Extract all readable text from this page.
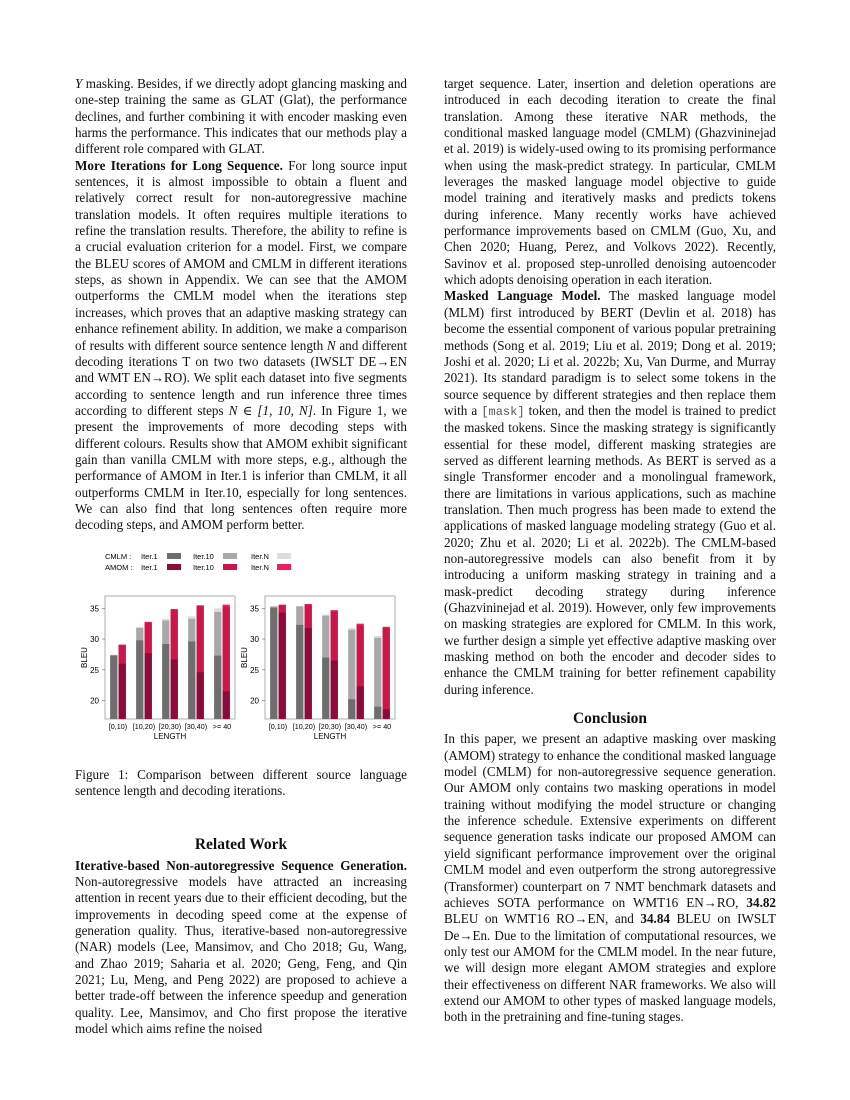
Y masking. Besides, if we directly adopt glancing masking and one-step training the same as GLAT (Glat), the performance declines, and further combining it with encoder masking even harms the performance. This indicates that our methods play a different role compared with GLAT.

More Iterations for Long Sequence. For long source input sentences, it is almost impossible to obtain a fluent and relatively correct result for non-autoregressive machine translation models. It often requires multiple iterations to refine the translation results. Therefore, the ability to refine is a crucial evaluation criterion for a model. First, we compare the BLEU scores of AMOM and CMLM in different iterations steps, as shown in Appendix. We can see that the AMOM outperforms the CMLM model when the iterations step increases, which proves that an adaptive masking strategy can enhance refinement ability. In addition, we make a comparison of results with different source sentence length N and different decoding iterations T on two two datasets (IWSLT DE→EN and WMT EN→RO). We split each dataset into five segments according to sentence length and run inference three times according to different steps N ∈ [1, 10, N]. In Figure 1, we present the improvements of more decoding steps with different colours. Results show that AMOM exhibit significant gain than vanilla CMLM with more steps, e.g., although the performance of AMOM in Iter.1 is inferior than CMLM, it all outperforms CMLM in Iter.10, especially for long sentences. We can also find that long sentences often require more decoding steps, and AMOM perform better.

CMLM :
AMOM :
Iter.1
Iter.1
Iter.10
Iter.10
Iter.N
Iter.N
20
25
30
35
BLEU
LENGTH
[0,10) [10,20) [20,30) [30,40) >= 40
20
25
30
35
BLEU
LENGTH
[0,10) [10,20) [20,30) [30,40) >= 40

Figure 1: Comparison between different source language sentence length and decoding iterations.

Related Work

Iterative-based Non-autoregressive Sequence Generation. Non-autoregressive models have attracted an increasing attention in recent years due to their efficient decoding, but the improvements in decoding speed come at the expense of generation quality. Thus, iterative-based non-autoregressive (NAR) models (Lee, Mansimov, and Cho 2018; Gu, Wang, and Zhao 2019; Saharia et al. 2020; Geng, Feng, and Qin 2021; Lu, Meng, and Peng 2022) are proposed to achieve a better trade-off between the inference speedup and generation quality. Lee, Mansimov, and Cho first propose the iterative model which aims refine the noised

target sequence. Later, insertion and deletion operations are introduced in each decoding iteration to create the final translation. Among these iterative NAR methods, the conditional masked language model (CMLM) (Ghazvininejad et al. 2019) is widely-used owing to its promising performance when using the mask-predict strategy. In particular, CMLM leverages the masked language model objective to guide model training and iteratively masks and predicts tokens during inference. Many recently works have achieved performance improvements based on CMLM (Guo, Xu, and Chen 2020; Huang, Perez, and Volkovs 2022). Recently, Savinov et al. proposed step-unrolled denoising autoencoder which adopts denoising operation in each iteration.

Masked Language Model. The masked language model (MLM) first introduced by BERT (Devlin et al. 2018) has become the essential component of various popular pretraining methods (Song et al. 2019; Liu et al. 2019; Dong et al. 2019; Joshi et al. 2020; Li et al. 2022b; Xu, Van Durme, and Murray 2021). Its standard paradigm is to select some tokens in the source sequence by different strategies and then replace them with a [mask] token, and then the model is trained to predict the masked tokens. Since the masking strategy is significantly essential for these model, different masking strategies are served as different learning methods. As BERT is served as a single Transformer encoder and a monolingual framework, there are limitations in various applications, such as machine translation. Then much progress has been made to extend the applications of masked language modeling strategy (Guo et al. 2020; Zhu et al. 2020; Li et al. 2022b). The CMLM-based non-autoregressive models can also benefit from it by introducing a uniform masking strategy in training and a mask-predict decoding strategy during inference (Ghazvininejad et al. 2019). However, only few improvements on masking strategies are explored for CMLM. In this work, we further design a simple yet effective adaptive masking over masking method on both the encoder and decoder sides to enhance the CMLM training for better refinement capability during inference.

Conclusion

In this paper, we present an adaptive masking over masking (AMOM) strategy to enhance the conditional masked language model (CMLM) for non-autoregressive sequence generation. Our AMOM only contains two masking operations in model training without modifying the model structure or changing the inference schedule. Extensive experiments on different sequence generation tasks indicate our proposed AMOM can yield significant performance improvement over the original CMLM model and even outperform the strong autoregressive (Transformer) counterpart on 7 NMT benchmark datasets and achieves SOTA performance on WMT16 EN→RO, 34.82 BLEU on WMT16 RO→EN, and 34.84 BLEU on IWSLT De→En. Due to the limitation of computational resources, we only test our AMOM for the CMLM model. In the near future, we will design more elegant AMOM strategies and explore their effectiveness on different NAR frameworks. We also will extend our AMOM to other types of masked language models, both in the pretraining and fine-tuning stages.
